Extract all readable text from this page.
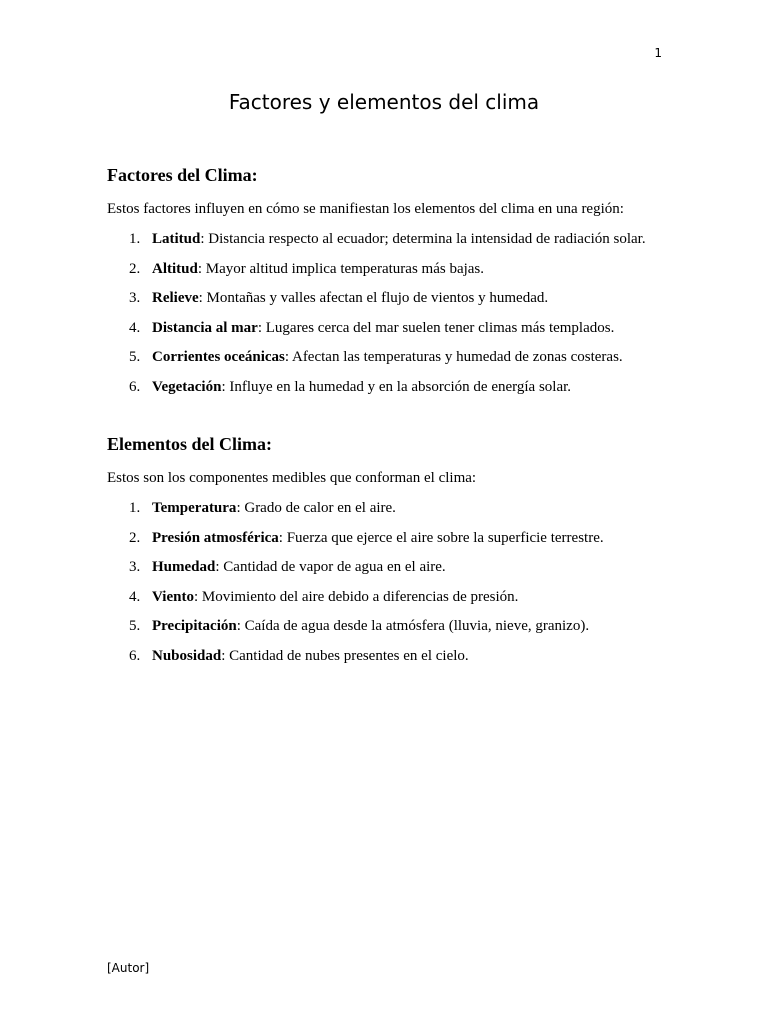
1
Factores y elementos del clima
Factores del Clima:

Estos factores influyen en cómo se manifiestan los elementos del clima en una región:

1. Latitud: Distancia respecto al ecuador; determina la intensidad de radiación solar.
2. Altitud: Mayor altitud implica temperaturas más bajas.
3. Relieve: Montañas y valles afectan el flujo de vientos y humedad.
4. Distancia al mar: Lugares cerca del mar suelen tener climas más templados.
5. Corrientes oceánicas: Afectan las temperaturas y humedad de zonas costeras.
6. Vegetación: Influye en la humedad y en la absorción de energía solar.
Elementos del Clima:

Estos son los componentes medibles que conforman el clima:

1. Temperatura: Grado de calor en el aire.
2. Presión atmosférica: Fuerza que ejerce el aire sobre la superficie terrestre.
3. Humedad: Cantidad de vapor de agua en el aire.
4. Viento: Movimiento del aire debido a diferencias de presión.
5. Precipitación: Caída de agua desde la atmósfera (lluvia, nieve, granizo).
6. Nubosidad: Cantidad de nubes presentes en el cielo.
[Autor]
